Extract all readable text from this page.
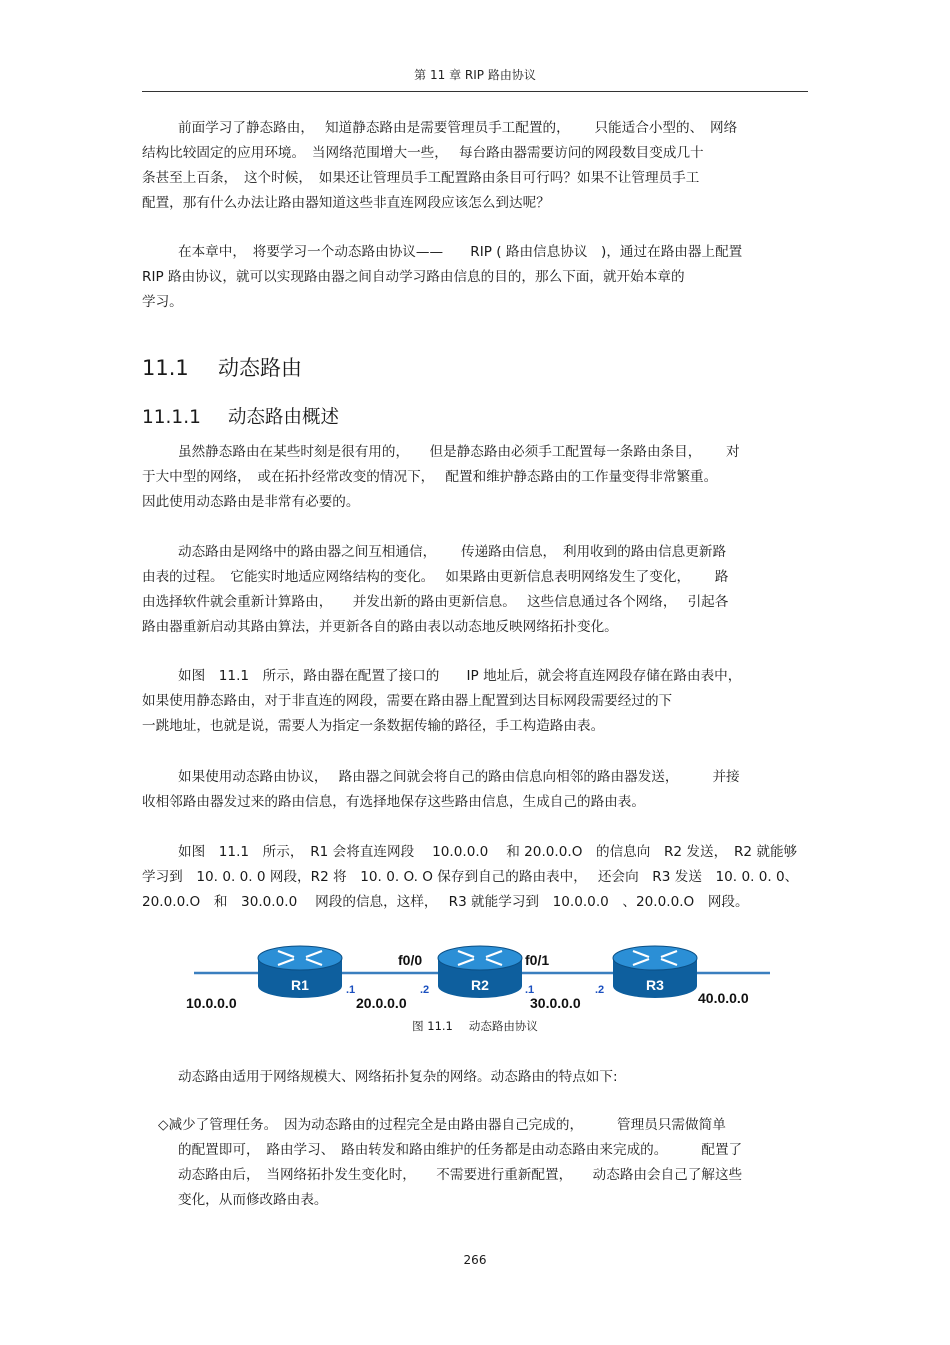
第 11 章 RIP 路由协议
前面学习了静态路由，　 知道静态路由是需要管理员手工配置的，　　 只能适合小型的、　网络
结构比较固定的应用环境。　当网络范围增大一些，　 每台路由器需要访问的网段数目变成几十
条甚至上百条，　这个时候，　如果还让管理员手工配置路由条目可行吗？如果不让管理员手工
配置，那有什么办法让路由器知道这些非直连网段应该怎么到达呢？
在本章中，　将要学习一个动态路由协议——　　RIP ( 路由信息协议　)，通过在路由器上配置
RIP 路由协议，就可以实现路由器之间自动学习路由信息的目的，那么下面，就开始本章的
学习。
11.1 动态路由
11.1.1 动态路由概述
虽然静态路由在某些时刻是很有用的，　　但是静态路由必须手工配置每一条路由条目，　　 对
于大中型的网络，　或在拓扑经常改变的情况下，　 配置和维护静态路由的工作量变得非常繁重。
因此使用动态路由是非常有必要的。
动态路由是网络中的路由器之间互相通信，　　 传递路由信息，　利用收到的路由信息更新路
由表的过程。　它能实时地适应网络结构的变化。　 如果路由更新信息表明网络发生了变化，　　 路
由选择软件就会重新计算路由，　　并发出新的路由更新信息。　 这些信息通过各个网络，　 引起各
路由器重新启动其路由算法，并更新各自的路由表以动态地反映网络拓扑变化。
如图　11.1　所示，路由器在配置了接口的　　IP 地址后，就会将直连网段存储在路由表中，
如果使用静态路由，对于非直连的网段，需要在路由器上配置到达目标网段需要经过的下
一跳地址，也就是说，需要人为指定一条数据传输的路径，手工构造路由表。
如果使用动态路由协议，　 路由器之间就会将自己的路由信息向相邻的路由器发送，　　　并接
收相邻路由器发过来的路由信息，有选择地保存这些路由信息，生成自己的路由表。
如图　11.1　所示，　R1 会将直连网段　 10.0.0.0　 和 20.0.0.O　的信息向　R2 发送，　R2 就能够
学习到　10. 0. 0. 0 网段，R2 将　10. 0. O. O 保存到自己的路由表中，　 还会向　R3 发送　10. 0. 0. 0、
20.0.0.O　和　30.0.0.0　 网段的信息，这样，　 R3 就能学习到　10.0.0.0　、20.0.0.O　网段。
R1	R2	R3
f0/0	f0/1
.1	.2	.1	.2
10.0.0.0	20.0.0.0	30.0.0.0	40.0.0.0
图 11.1 动态路由协议
动态路由适用于网络规模大、网络拓扑复杂的网络。动态路由的特点如下:
◇减少了管理任务。　因为动态路由的过程完全是由路由器自己完成的，　　　管理员只需做简单
的配置即可，　路由学习、　路由转发和路由维护的任务都是由动态路由来完成的。　　　配置了
动态路由后，　当网络拓扑发生变化时，　　不需要进行重新配置，　　动态路由会自己了解这些
变化，从而修改路由表。
266
